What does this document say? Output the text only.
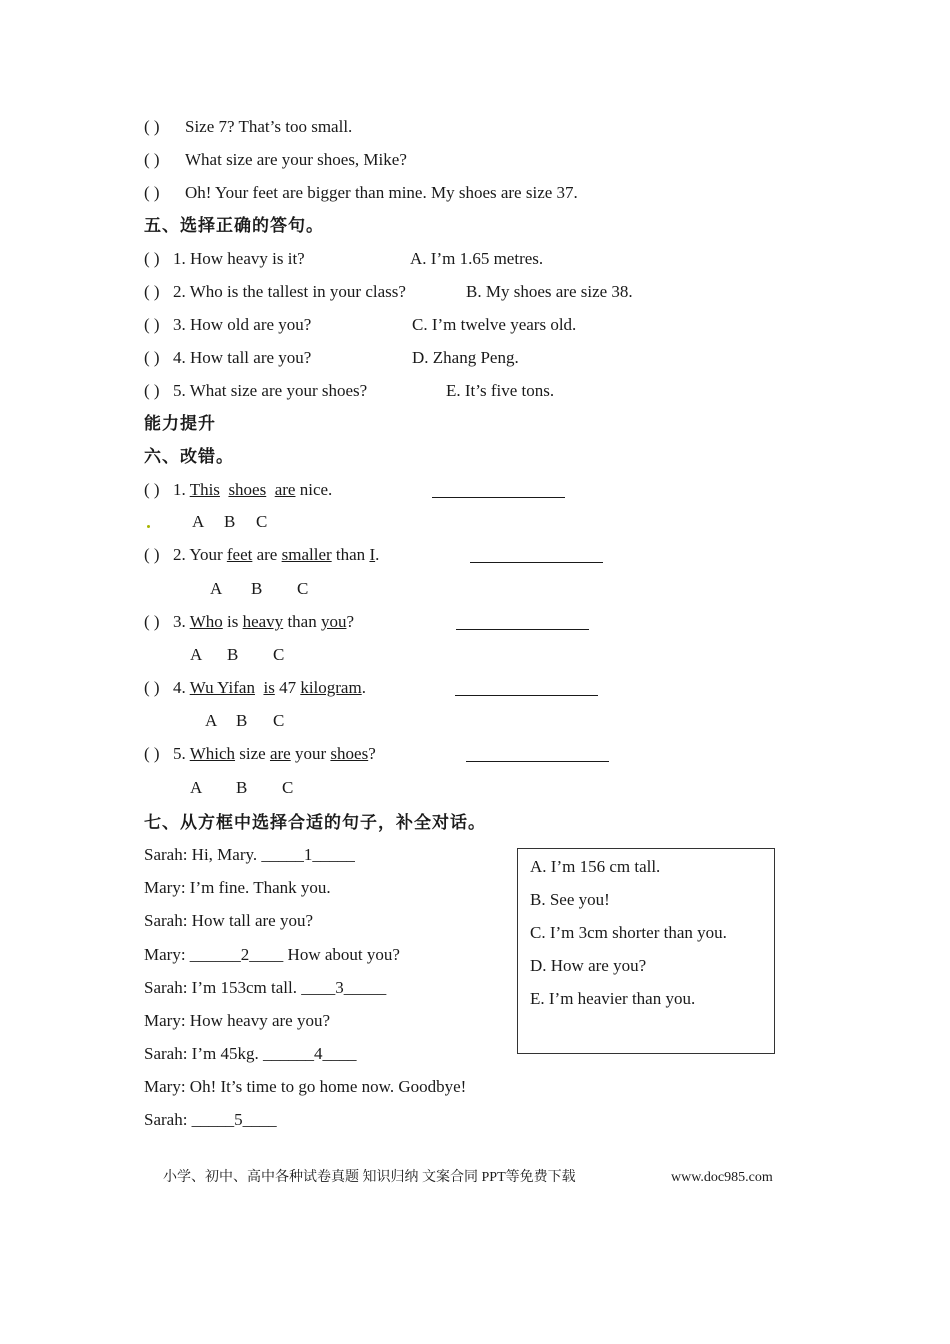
( ) Size 7? That’s too small.
( ) What size are your shoes, Mike?
( ) Oh! Your feet are bigger than mine. My shoes are size 37.
五、选择正确的答句。
( ) 1. How heavy is it?	A. I’m 1.65 metres.
( ) 2. Who is the tallest in your class?	B. My shoes are size 38.
( ) 3. How old are you?	C. I’m twelve years old.
( ) 4. How tall are you?	D. Zhang Peng.
( ) 5. What size are your shoes?	E. It’s five tons.
能力提升
六、改错。
( ) 1. This shoes are nice.
A B C
( ) 2. Your feet are smaller than I.
A B C
( ) 3. Who is heavy than you?
A B C
( ) 4. Wu Yifan is 47 kilogram.
A B C
( ) 5. Which size are your shoes?
A B C
七、从方框中选择合适的句子，补全对话。
Sarah: Hi, Mary. _____1_____
Mary: I’m fine. Thank you.
Sarah: How tall are you?
Mary: ______2____ How about you?
Sarah: I’m 153cm tall. ____3_____
Mary: How heavy are you?
Sarah: I’m 45kg. ______4____
Mary: Oh! It’s time to go home now. Goodbye!
Sarah: _____5____
A. I’m 156 cm tall.
B. See you!
C. I’m 3cm shorter than you.
D. How are you?
E. I’m heavier than you.
小学、初中、高中各种试卷真题 知识归纳 文案合同 PPT等免费下载	www.doc985.com
